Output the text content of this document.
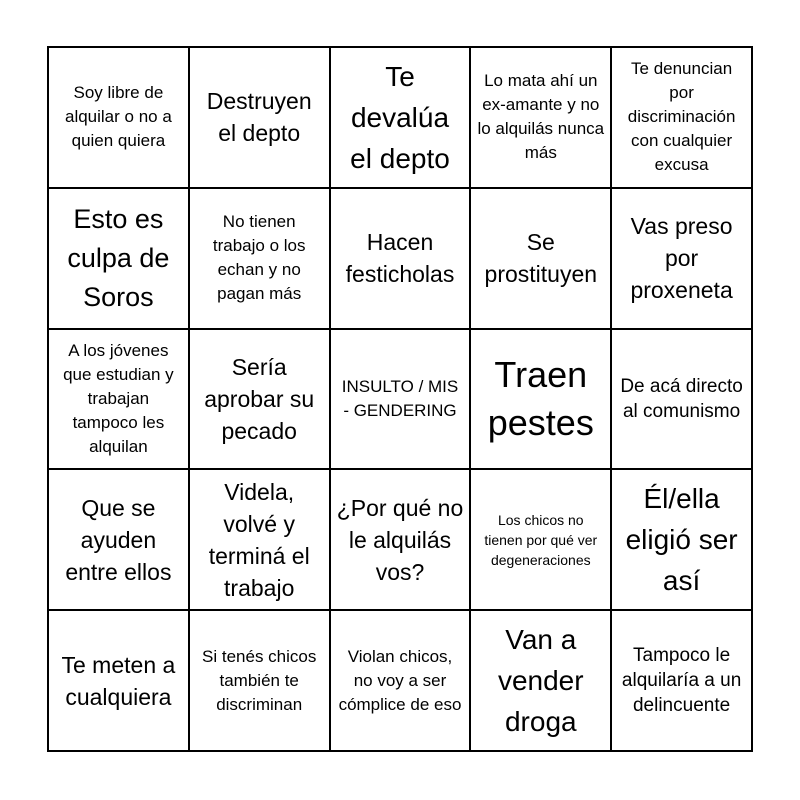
Soy libre de alquilar o no a quien quiera
Destruyen el depto
Te devalúa el depto
Lo mata ahí un ex-amante y no lo alquilás nunca más
Te denuncian por discriminación con cualquier excusa
Esto es culpa de Soros
No tienen trabajo o los echan y no pagan más
Hacen festicholas
Se prostituyen
Vas preso por proxeneta
A los jóvenes que estudian y trabajan tampoco les alquilan
Sería aprobar su pecado
INSULTO / MIS - GENDERING
Traen pestes
De acá directo al comunismo
Que se ayuden entre ellos
Videla, volvé y terminá el trabajo
¿Por qué no le alquilás vos?
Los chicos no tienen por qué ver degeneraciones
Él/ella eligió ser así
Te meten a cualquiera
Si tenés chicos también te discriminan
Violan chicos, no voy a ser cómplice de eso
Van a vender droga
Tampoco le alquilaría a un delincuente
